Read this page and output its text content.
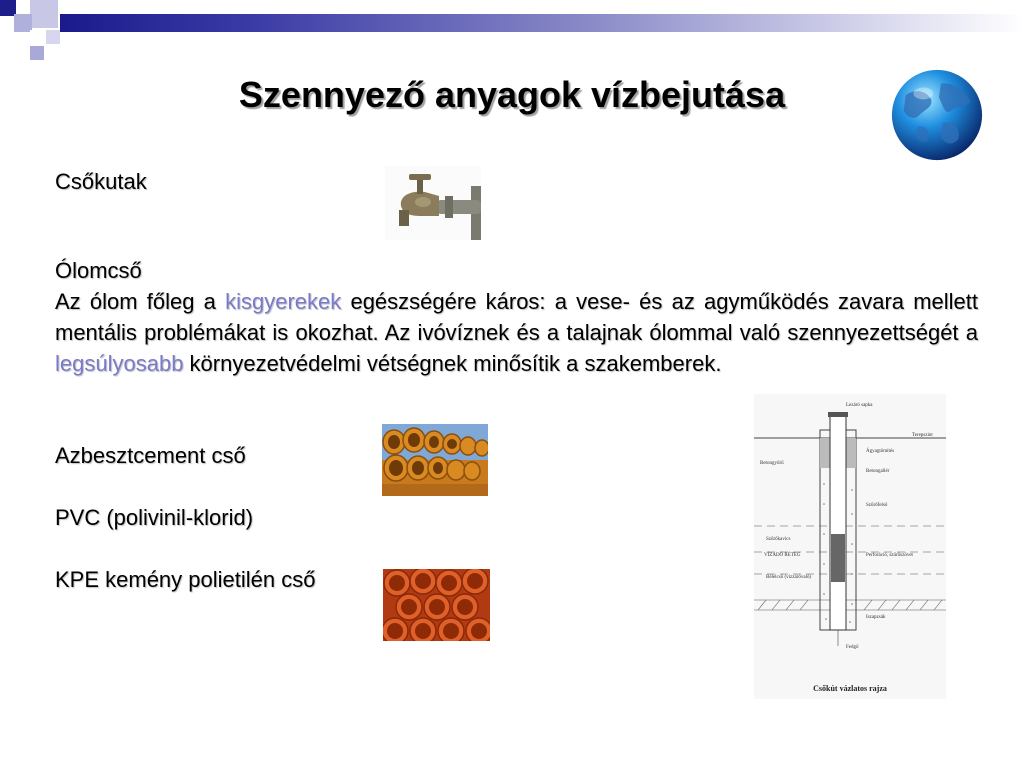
Szennyező anyagok vízbejutása
Csőkutak
Ólomcső
Az ólom főleg a kisgyerekek egészségére káros: a vese- és az agyműködés zavara mellett mentális problémákat is okozhat. Az ivóvíznek és a talajnak ólommal való szennyezettségét a legsúlyosabb környezetvédelmi vétségnek minősítik a szakemberek.
Azbesztcement cső
PVC (polivinil-klorid)
KPE kemény polietilén cső
Lezáró sapka
Terepszint
Ágyagtömítés
Betongallér
Betongyűrű
Szűrőfelső
Szűrőkavics
VÍZADÓ RÉTEG	Perforáció, szűrőszövet
Bélelcső (vízzáróvaló)
Iszapzsák
Fedgő
Csőkút vázlatos rajza
